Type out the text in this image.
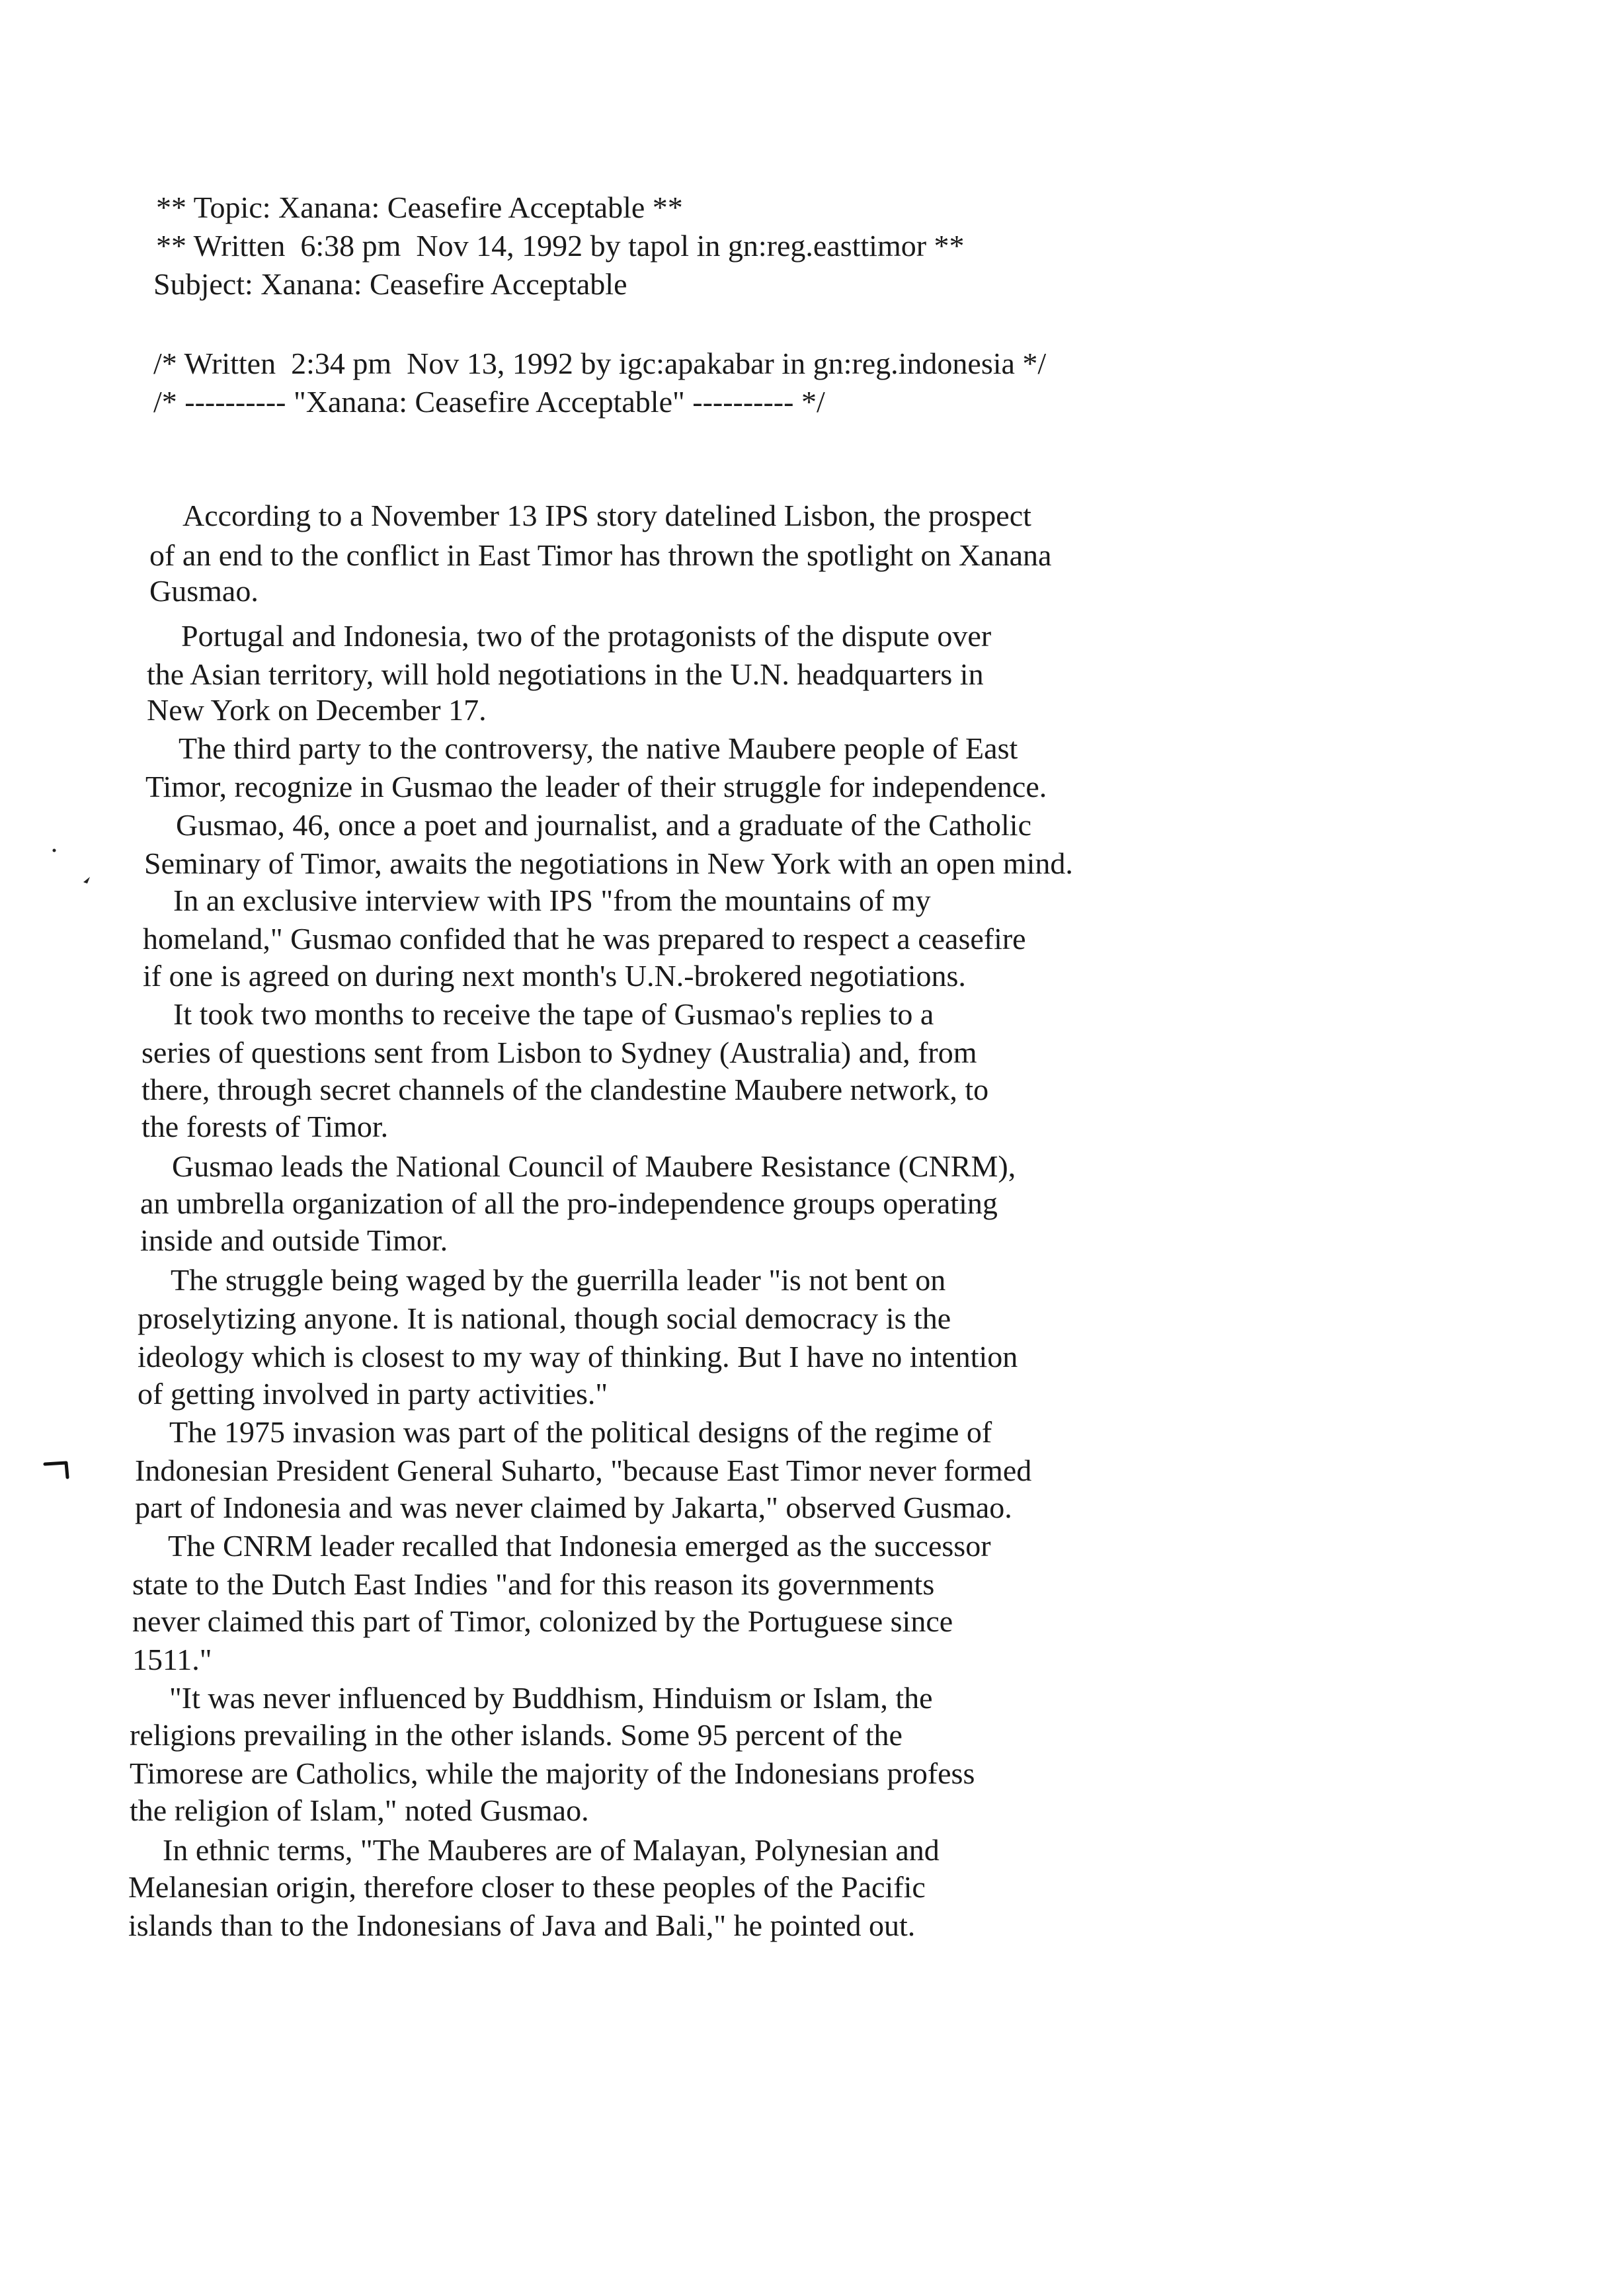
** Topic: Xanana: Ceasefire Acceptable **
** Written  6:38 pm  Nov 14, 1992 by tapol in gn:reg.easttimor **
Subject: Xanana: Ceasefire Acceptable
/* Written  2:34 pm  Nov 13, 1992 by igc:apakabar in gn:reg.indonesia */
/* ---------- "Xanana: Ceasefire Acceptable" ---------- */
According to a November 13 IPS story datelined Lisbon, the prospect
of an end to the conflict in East Timor has thrown the spotlight on Xanana
Gusmao.
Portugal and Indonesia, two of the protagonists of the dispute over
the Asian territory, will hold negotiations in the U.N. headquarters in
New York on December 17.
The third party to the controversy, the native Maubere people of East
Timor, recognize in Gusmao the leader of their struggle for independence.
Gusmao, 46, once a poet and journalist, and a graduate of the Catholic
Seminary of Timor, awaits the negotiations in New York with an open mind.
In an exclusive interview with IPS "from the mountains of my
homeland," Gusmao confided that he was prepared to respect a ceasefire
if one is agreed on during next month's U.N.-brokered negotiations.
It took two months to receive the tape of Gusmao's replies to a
series of questions sent from Lisbon to Sydney (Australia) and, from
there, through secret channels of the clandestine Maubere network, to
the forests of Timor.
Gusmao leads the National Council of Maubere Resistance (CNRM),
an umbrella organization of all the pro-independence groups operating
inside and outside Timor.
The struggle being waged by the guerrilla leader "is not bent on
proselytizing anyone. It is national, though social democracy is the
ideology which is closest to my way of thinking. But I have no intention
of getting involved in party activities."
The 1975 invasion was part of the political designs of the regime of
Indonesian President General Suharto, "because East Timor never formed
part of Indonesia and was never claimed by Jakarta," observed Gusmao.
The CNRM leader recalled that Indonesia emerged as the successor
state to the Dutch East Indies "and for this reason its governments
never claimed this part of Timor, colonized by the Portuguese since
1511."
"It was never influenced by Buddhism, Hinduism or Islam, the
religions prevailing in the other islands. Some 95 percent of the
Timorese are Catholics, while the majority of the Indonesians profess
the religion of Islam," noted Gusmao.
In ethnic terms, "The Mauberes are of Malayan, Polynesian and
Melanesian origin, therefore closer to these peoples of the Pacific
islands than to the Indonesians of Java and Bali," he pointed out.
